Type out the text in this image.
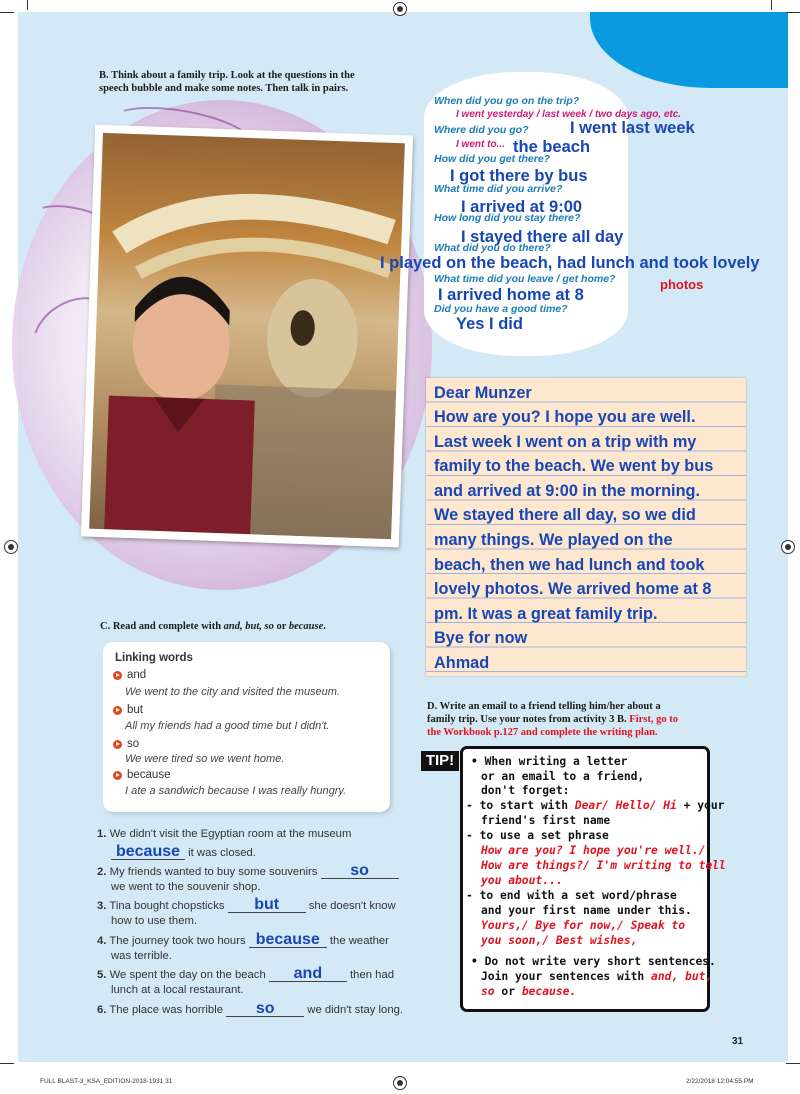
B. Think about a family trip. Look at the questions in the
speech bubble and make some notes. Then talk in pairs.
When did you go on the trip?
I went yesterday / last week / two days ago, etc.
I went last week
Where did you go?
I went to... the beach
How did you get there?
I got there by bus
What time did you arrive?
I arrived at 9:00
How long did you stay there?
I stayed there all day
What did you do there?
I played on the beach, had lunch and took lovely
What time did you leave / get home?	photos
I arrived home at 8
Did you have a good time?
Yes I did
Dear Munzer
How are you? I hope you are well.
Last week I went on a trip with my
family to the beach. We went by bus
and arrived at 9:00 in the morning.
We stayed there all day, so we did
many things. We played on the
beach, then we had lunch and took
lovely photos. We arrived home at 8
pm. It was a great family trip.
Bye for now
Ahmad
C. Read and complete with and, but, so or because.
Linking words
and
We went to the city and visited the museum.
but
All my friends had a good time but I didn't.
so
We were tired so we went home.
because
I ate a sandwich because I was really hungry.
1. We didn't visit the Egyptian room at the museum
because it was closed.
2. My friends wanted to buy some souvenirs so
we went to the souvenir shop.
3. Tina bought chopsticks but	she doesn't know
how to use them.
4. The journey took two hours because the weather
was terrible.
5. We spent the day on the beach and then had
lunch at a local restaurant.
6. The place was horrible so	we didn't stay long.
D. Write an email to a friend telling him/her about a
family trip. Use your notes from activity 3 B. First, go to
the Workbook p.127 and complete the writing plan.
TIP!	• When writing a letter
or an email to a friend,
don't forget:
- to start with Dear/ Hello/ Hi + your
friend's first name
- to use a set phrase
How are you? I hope you're well./
How are things?/ I'm writing to tell
you about...
- to end with a set word/phrase
and your first name under this.
Yours,/ Bye for now,/ Speak to
you soon,/ Best wishes,
• Do not write very short sentences.
Join your sentences with and, but,
so or because.
31
FULL BLAST-3_KSA_EDITION-2018-1931 31	2/22/2018 12:04:55 PM
